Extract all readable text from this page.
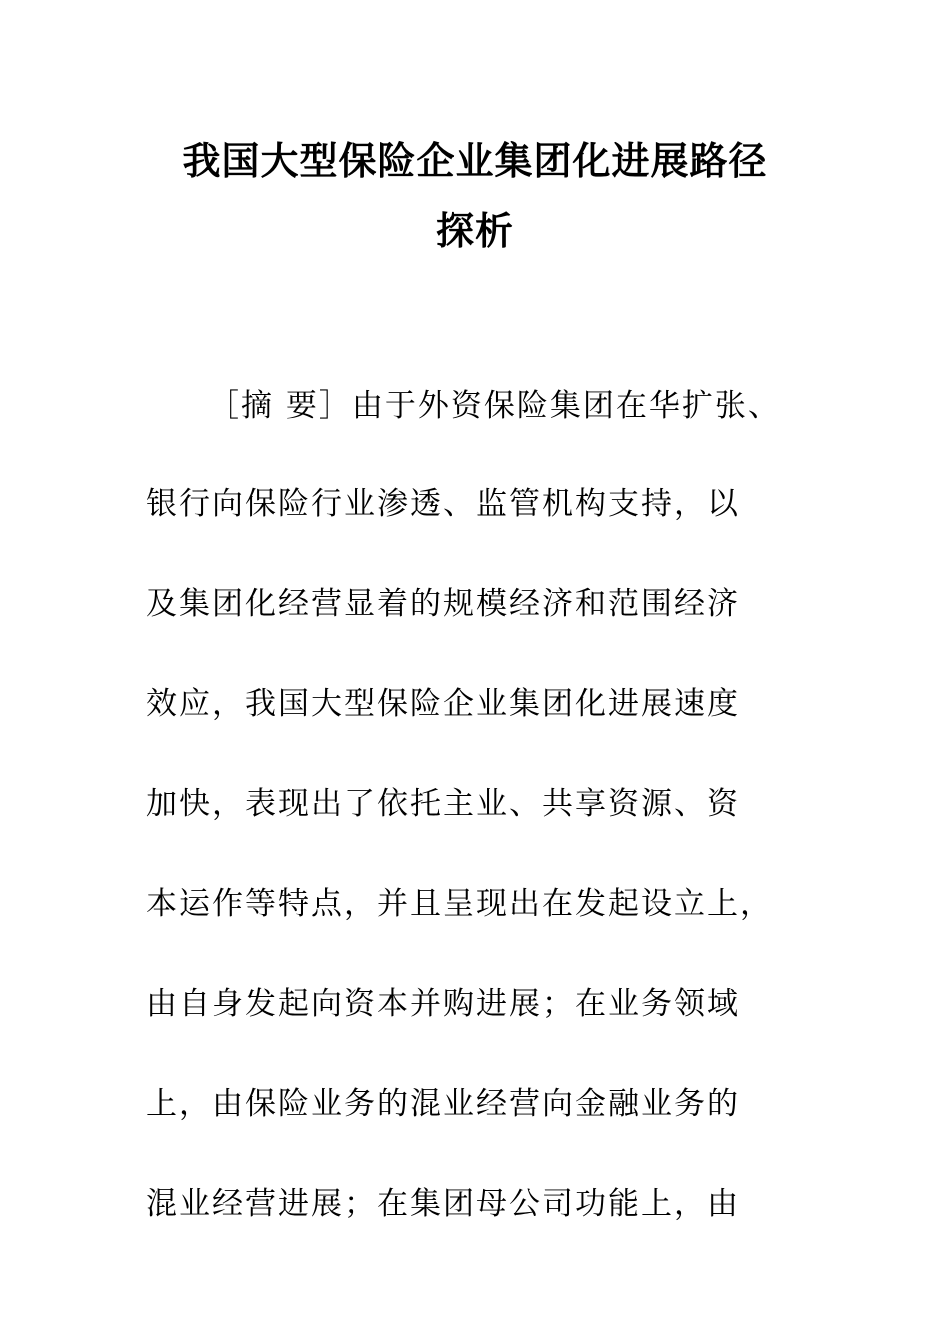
我国大型保险企业集团化进展路径
探析
［摘 要］由于外资保险集团在华扩张、
银行向保险行业渗透、监管机构支持，以
及集团化经营显着的规模经济和范围经济
效应，我国大型保险企业集团化进展速度
加快，表现出了依托主业、共享资源、资
本运作等特点，并且呈现出在发起设立上，
由自身发起向资本并购进展；在业务领域
上，由保险业务的混业经营向金融业务的
混业经营进展；在集团母公司功能上，由
